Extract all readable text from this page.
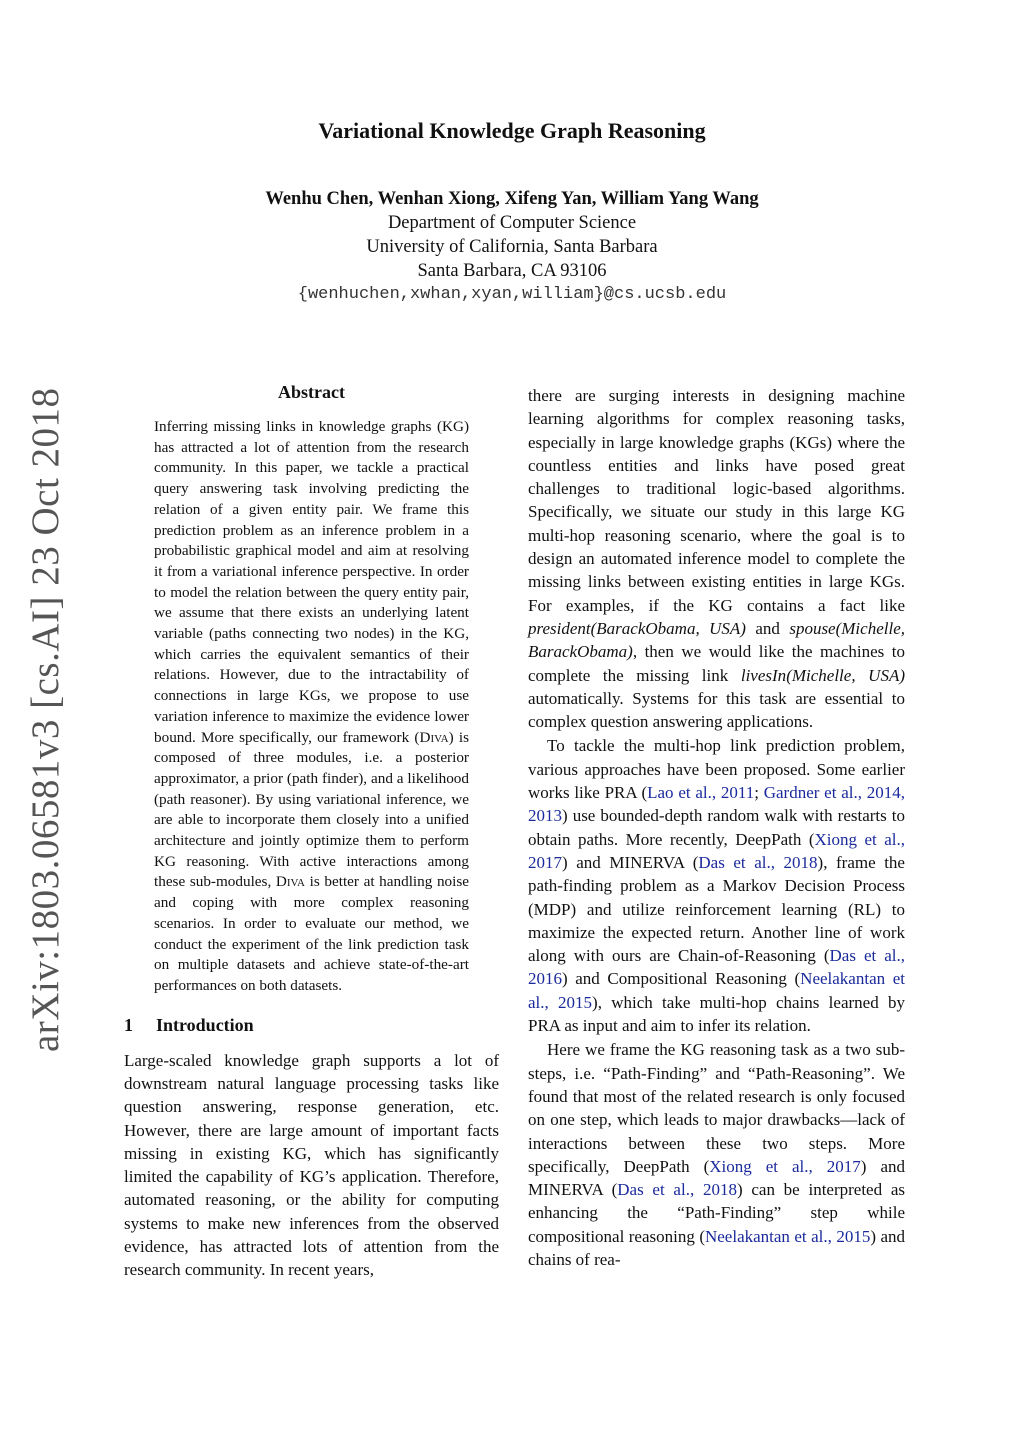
arXiv:1803.06581v3 [cs.AI] 23 Oct 2018
Variational Knowledge Graph Reasoning
Wenhu Chen, Wenhan Xiong, Xifeng Yan, William Yang Wang
Department of Computer Science
University of California, Santa Barbara
Santa Barbara, CA 93106
{wenhuchen,xwhan,xyan,william}@cs.ucsb.edu
Abstract
Inferring missing links in knowledge graphs (KG) has attracted a lot of attention from the research community. In this paper, we tackle a practical query answering task involving predicting the relation of a given entity pair. We frame this prediction problem as an inference problem in a probabilistic graphical model and aim at resolving it from a variational inference perspective. In order to model the relation between the query entity pair, we assume that there exists an underlying latent variable (paths connecting two nodes) in the KG, which carries the equivalent semantics of their relations. However, due to the intractability of connections in large KGs, we propose to use variation inference to maximize the evidence lower bound. More specifically, our framework (Diva) is composed of three modules, i.e. a posterior approximator, a prior (path finder), and a likelihood (path reasoner). By using variational inference, we are able to incorporate them closely into a unified architecture and jointly optimize them to perform KG reasoning. With active interactions among these sub-modules, Diva is better at handling noise and coping with more complex reasoning scenarios. In order to evaluate our method, we conduct the experiment of the link prediction task on multiple datasets and achieve state-of-the-art performances on both datasets.
1 Introduction

Large-scaled knowledge graph supports a lot of downstream natural language processing tasks like question answering, response generation, etc. However, there are large amount of important facts missing in existing KG, which has significantly limited the capability of KG’s application. Therefore, automated reasoning, or the ability for computing systems to make new inferences from the observed evidence, has attracted lots of attention from the research community. In recent years,

there are surging interests in designing machine learning algorithms for complex reasoning tasks, especially in large knowledge graphs (KGs) where the countless entities and links have posed great challenges to traditional logic-based algorithms. Specifically, we situate our study in this large KG multi-hop reasoning scenario, where the goal is to design an automated inference model to complete the missing links between existing entities in large KGs. For examples, if the KG contains a fact like president(BarackObama, USA) and spouse(Michelle, BarackObama), then we would like the machines to complete the missing link livesIn(Michelle, USA) automatically. Systems for this task are essential to complex question answering applications.

To tackle the multi-hop link prediction problem, various approaches have been proposed. Some earlier works like PRA (Lao et al., 2011; Gardner et al., 2014, 2013) use bounded-depth random walk with restarts to obtain paths. More recently, DeepPath (Xiong et al., 2017) and MINERVA (Das et al., 2018), frame the path-finding problem as a Markov Decision Process (MDP) and utilize reinforcement learning (RL) to maximize the expected return. Another line of work along with ours are Chain-of-Reasoning (Das et al., 2016) and Compositional Reasoning (Neelakantan et al., 2015), which take multi-hop chains learned by PRA as input and aim to infer its relation.

Here we frame the KG reasoning task as a two sub-steps, i.e. “Path-Finding” and “Path-Reasoning”. We found that most of the related research is only focused on one step, which leads to major drawbacks—lack of interactions between these two steps. More specifically, DeepPath (Xiong et al., 2017) and MINERVA (Das et al., 2018) can be interpreted as enhancing the “Path-Finding” step while compositional reasoning (Neelakantan et al., 2015) and chains of rea-
